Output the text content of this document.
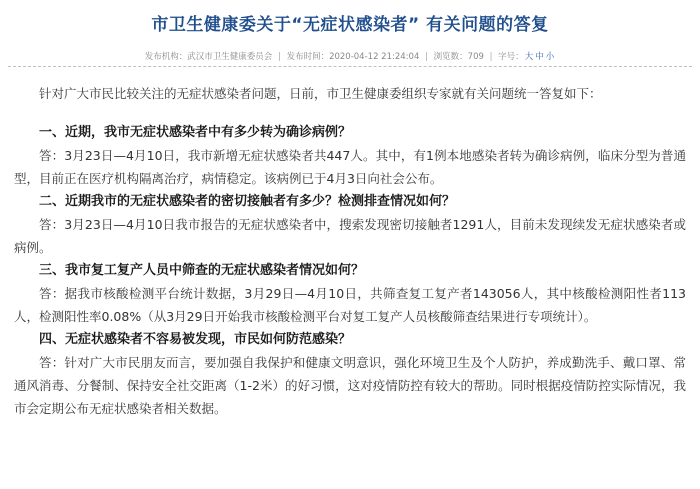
市卫生健康委关于“无症状感染者” 有关问题的答复
发布机构：武汉市卫生健康委员会 | 发布时间：2020-04-12 21:24:04 | 浏览数：709 | 字号：大 中 小

针对广大市民比较关注的无症状感染者问题，日前，市卫生健康委组织专家就有关问题统一答复如下：

一、近期，我市无症状感染者中有多少转为确诊病例？

答：3月23日—4月10日，我市新增无症状感染者共447人。其中，有1例本地感染者转为确诊病例，临床分型为普通型，目前正在医疗机构隔离治疗，病情稳定。该病例已于4月3日向社会公布。

二、近期我市的无症状感染者的密切接触者有多少？检测排查情况如何？

答：3月23日—4月10日我市报告的无症状感染者中，搜索发现密切接触者1291人，目前未发现续发无症状感染者或病例。

三、我市复工复产人员中筛查的无症状感染者情况如何？

答：据我市核酸检测平台统计数据，3月29日—4月10日，共筛查复工复产者143056人，其中核酸检测阳性者113人，检测阳性率0.08%（从3月29日开始我市核酸检测平台对复工复产人员核酸筛查结果进行专项统计）。

四、无症状感染者不容易被发现，市民如何防范感染？

答：针对广大市民朋友而言，要加强自我保护和健康文明意识，强化环境卫生及个人防护，养成勤洗手、戴口罩、常通风消毒、分餐制、保持安全社交距离（1-2米）的好习惯，这对疫情防控有较大的帮助。同时根据疫情防控实际情况，我市会定期公布无症状感染者相关数据。
